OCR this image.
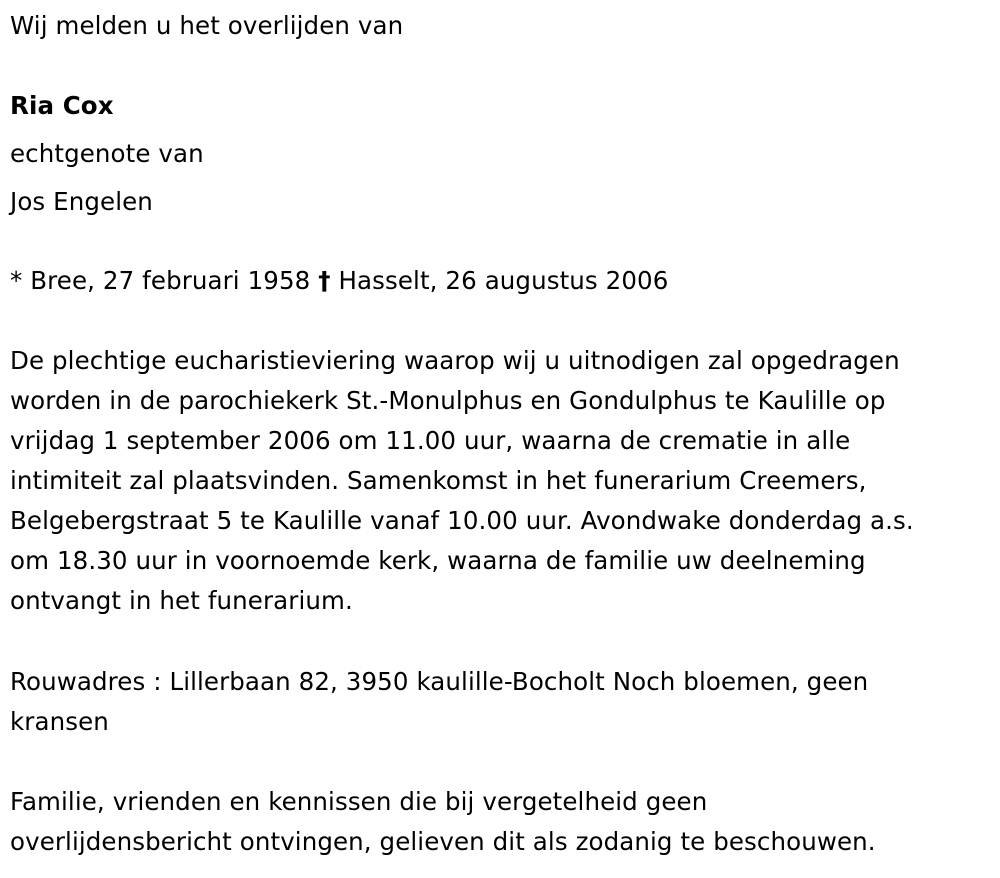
Wij melden u het overlijden van
Ria Cox
echtgenote van
Jos Engelen
* Bree, 27 februari 1958 † Hasselt, 26 augustus 2006
De plechtige eucharistieviering waarop wij u uitnodigen zal opgedragen
worden in de parochiekerk St.-Monulphus en Gondulphus te Kaulille op
vrijdag 1 september 2006 om 11.00 uur, waarna de crematie in alle
intimiteit zal plaatsvinden. Samenkomst in het funerarium Creemers,
Belgebergstraat 5 te Kaulille vanaf 10.00 uur. Avondwake donderdag a.s.
om 18.30 uur in voornoemde kerk, waarna de familie uw deelneming
ontvangt in het funerarium.
Rouwadres : Lillerbaan 82, 3950 kaulille-Bocholt Noch bloemen, geen
kransen
Familie, vrienden en kennissen die bij vergetelheid geen
overlijdensbericht ontvingen, gelieven dit als zodanig te beschouwen.
